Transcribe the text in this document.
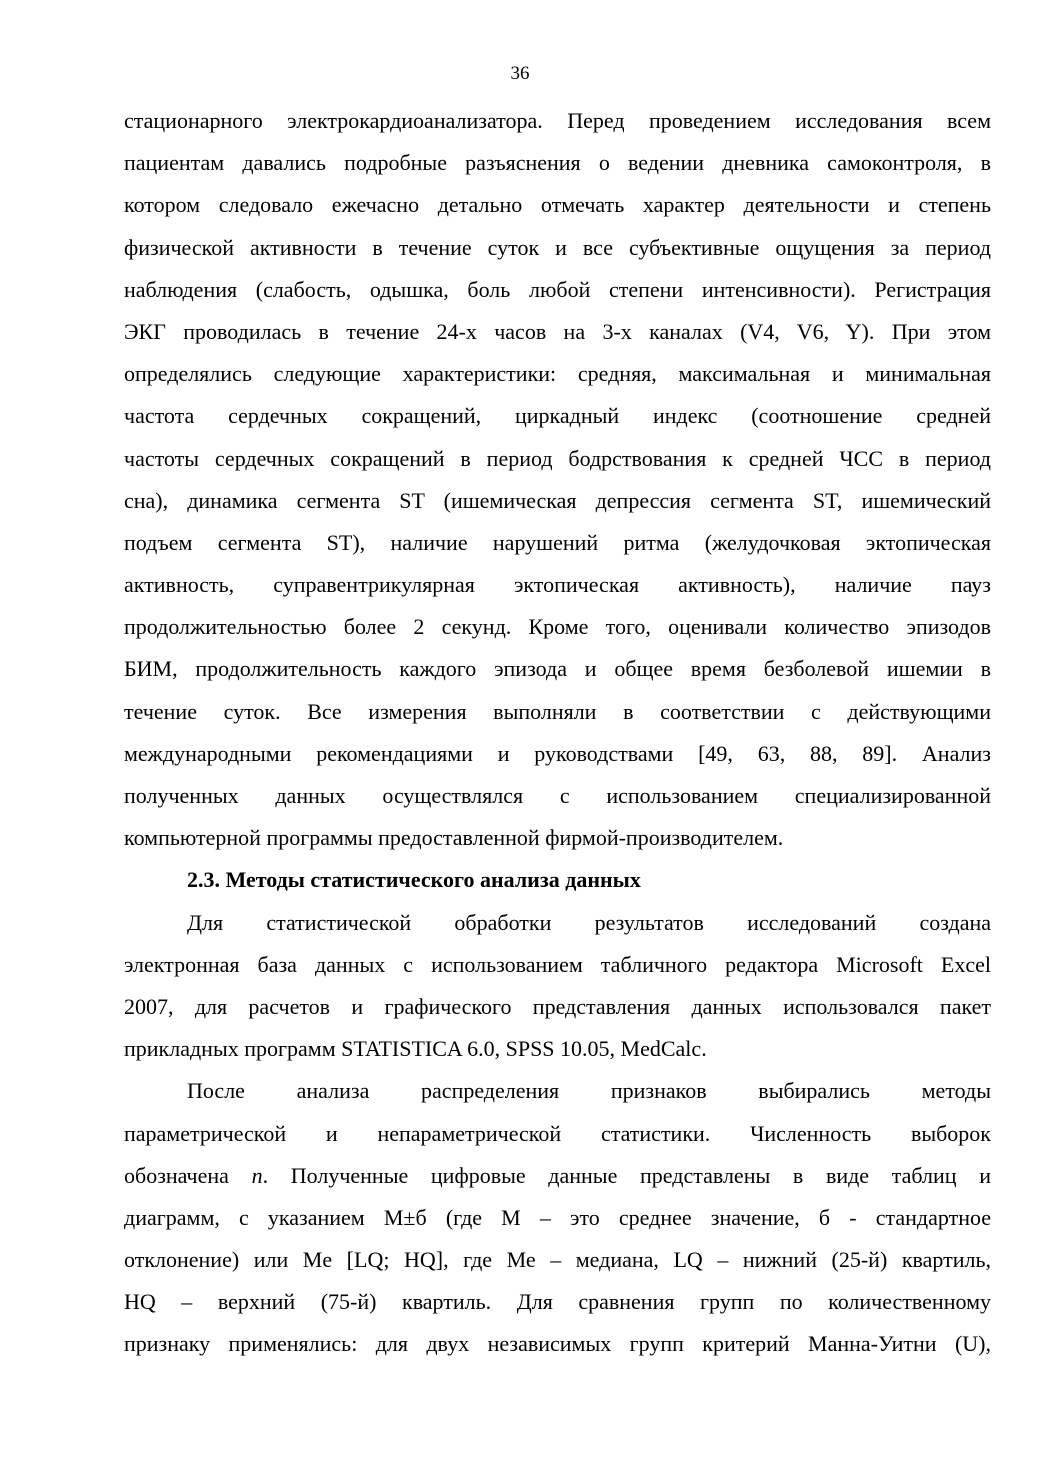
36
стационарного электрокардиоанализатора. Перед проведением исследования всем
пациентам давались подробные разъяснения о ведении дневника самоконтроля, в
котором следовало ежечасно детально отмечать характер деятельности и степень
физической активности в течение суток и все субъективные ощущения за период
наблюдения (слабость, одышка, боль любой степени интенсивности). Регистрация
ЭКГ проводилась в течение 24-х часов на 3-х каналах (V4, V6, Y). При этом
определялись следующие характеристики: средняя, максимальная и минимальная
частота сердечных сокращений, циркадный индекс (соотношение средней
частоты сердечных сокращений в период бодрствования к средней ЧСС в период
сна), динамика сегмента ST (ишемическая депрессия сегмента ST, ишемический
подъем сегмента ST), наличие нарушений ритма (желудочковая эктопическая
активность, суправентрикулярная эктопическая активность), наличие пауз
продолжительностью более 2 секунд. Кроме того, оценивали количество эпизодов
БИМ, продолжительность каждого эпизода и общее время безболевой ишемии в
течение суток. Все измерения выполняли в соответствии с действующими
международными рекомендациями и руководствами [49, 63, 88, 89]. Анализ
полученных данных осуществлялся с использованием специализированной
компьютерной программы предоставленной фирмой-производителем.
2.3. Методы статистического анализа данных
Для статистической обработки результатов исследований создана
электронная база данных с использованием табличного редактора Microsoft Excel
2007, для расчетов и графического представления данных использовался пакет
прикладных программ STATISTICA 6.0, SPSS 10.05, MedCalc.
После анализа распределения признаков выбирались методы
параметрической и непараметрической статистики. Численность выборок
обозначена n. Полученные цифровые данные представлены в виде таблиц и
диаграмм, с указанием М±б (где М – это среднее значение, б - стандартное
отклонение) или Me [LQ; HQ], где Ме – медиана, LQ – нижний (25-й) квартиль,
HQ – верхний (75-й) квартиль. Для сравнения групп по количественному
признаку применялись: для двух независимых групп критерий Манна-Уитни (U),
